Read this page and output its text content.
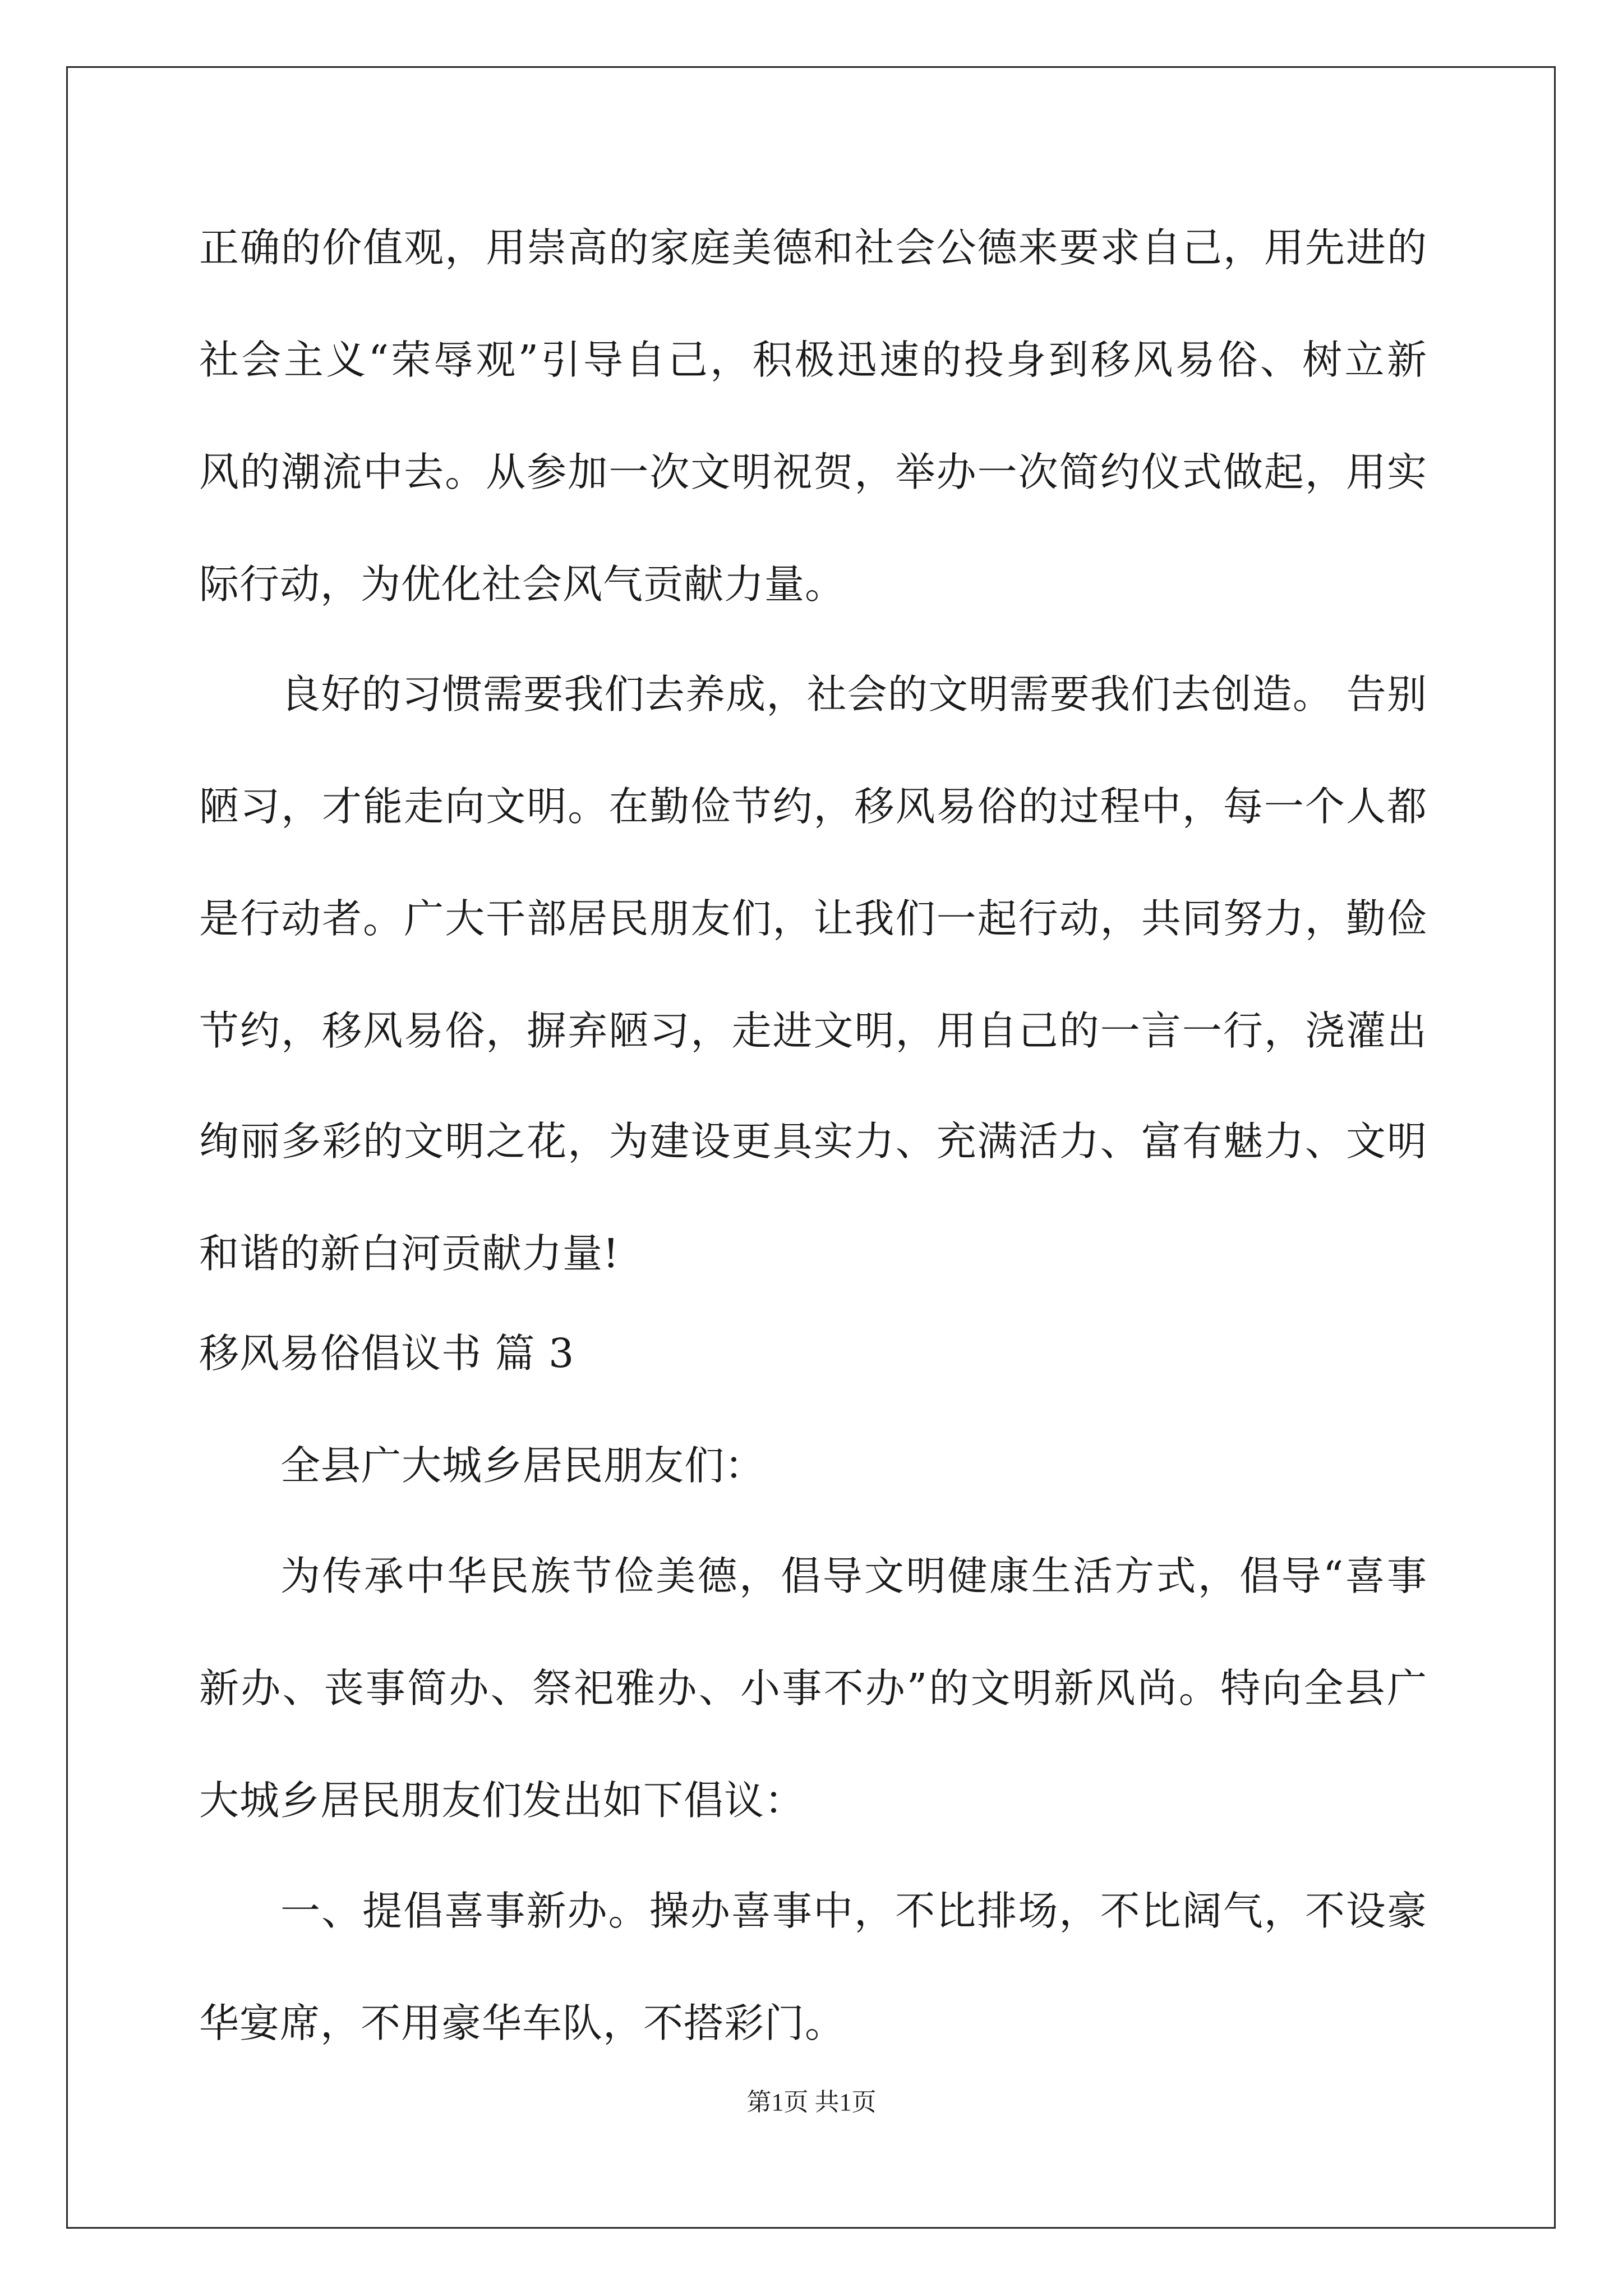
正确的价值观，用崇高的家庭美德和社会公德来要求自己，用先进的
社会主义“荣辱观”引导自己，积极迅速的投身到移风易俗、树立新
风的潮流中去。从参加一次文明祝贺，举办一次简约仪式做起，用实
际行动，为优化社会风气贡献力量。
良好的习惯需要我们去养成，社会的文明需要我们去创造。 告别
陋习，才能走向文明。在勤俭节约，移风易俗的过程中，每一个人都
是行动者。广大干部居民朋友们，让我们一起行动，共同努力，勤俭
节约，移风易俗，摒弃陋习，走进文明，用自己的一言一行，浇灌出
绚丽多彩的文明之花，为建设更具实力、充满活力、富有魅力、文明
和谐的新白河贡献力量!
移风易俗倡议书 篇 3
全县广大城乡居民朋友们：
为传承中华民族节俭美德，倡导文明健康生活方式，倡导“喜事
新办、丧事简办、祭祀雅办、小事不办”的文明新风尚。特向全县广
大城乡居民朋友们发出如下倡议：
一、提倡喜事新办。操办喜事中，不比排场，不比阔气，不设豪
华宴席，不用豪华车队，不搭彩门。
第1页 共1页
